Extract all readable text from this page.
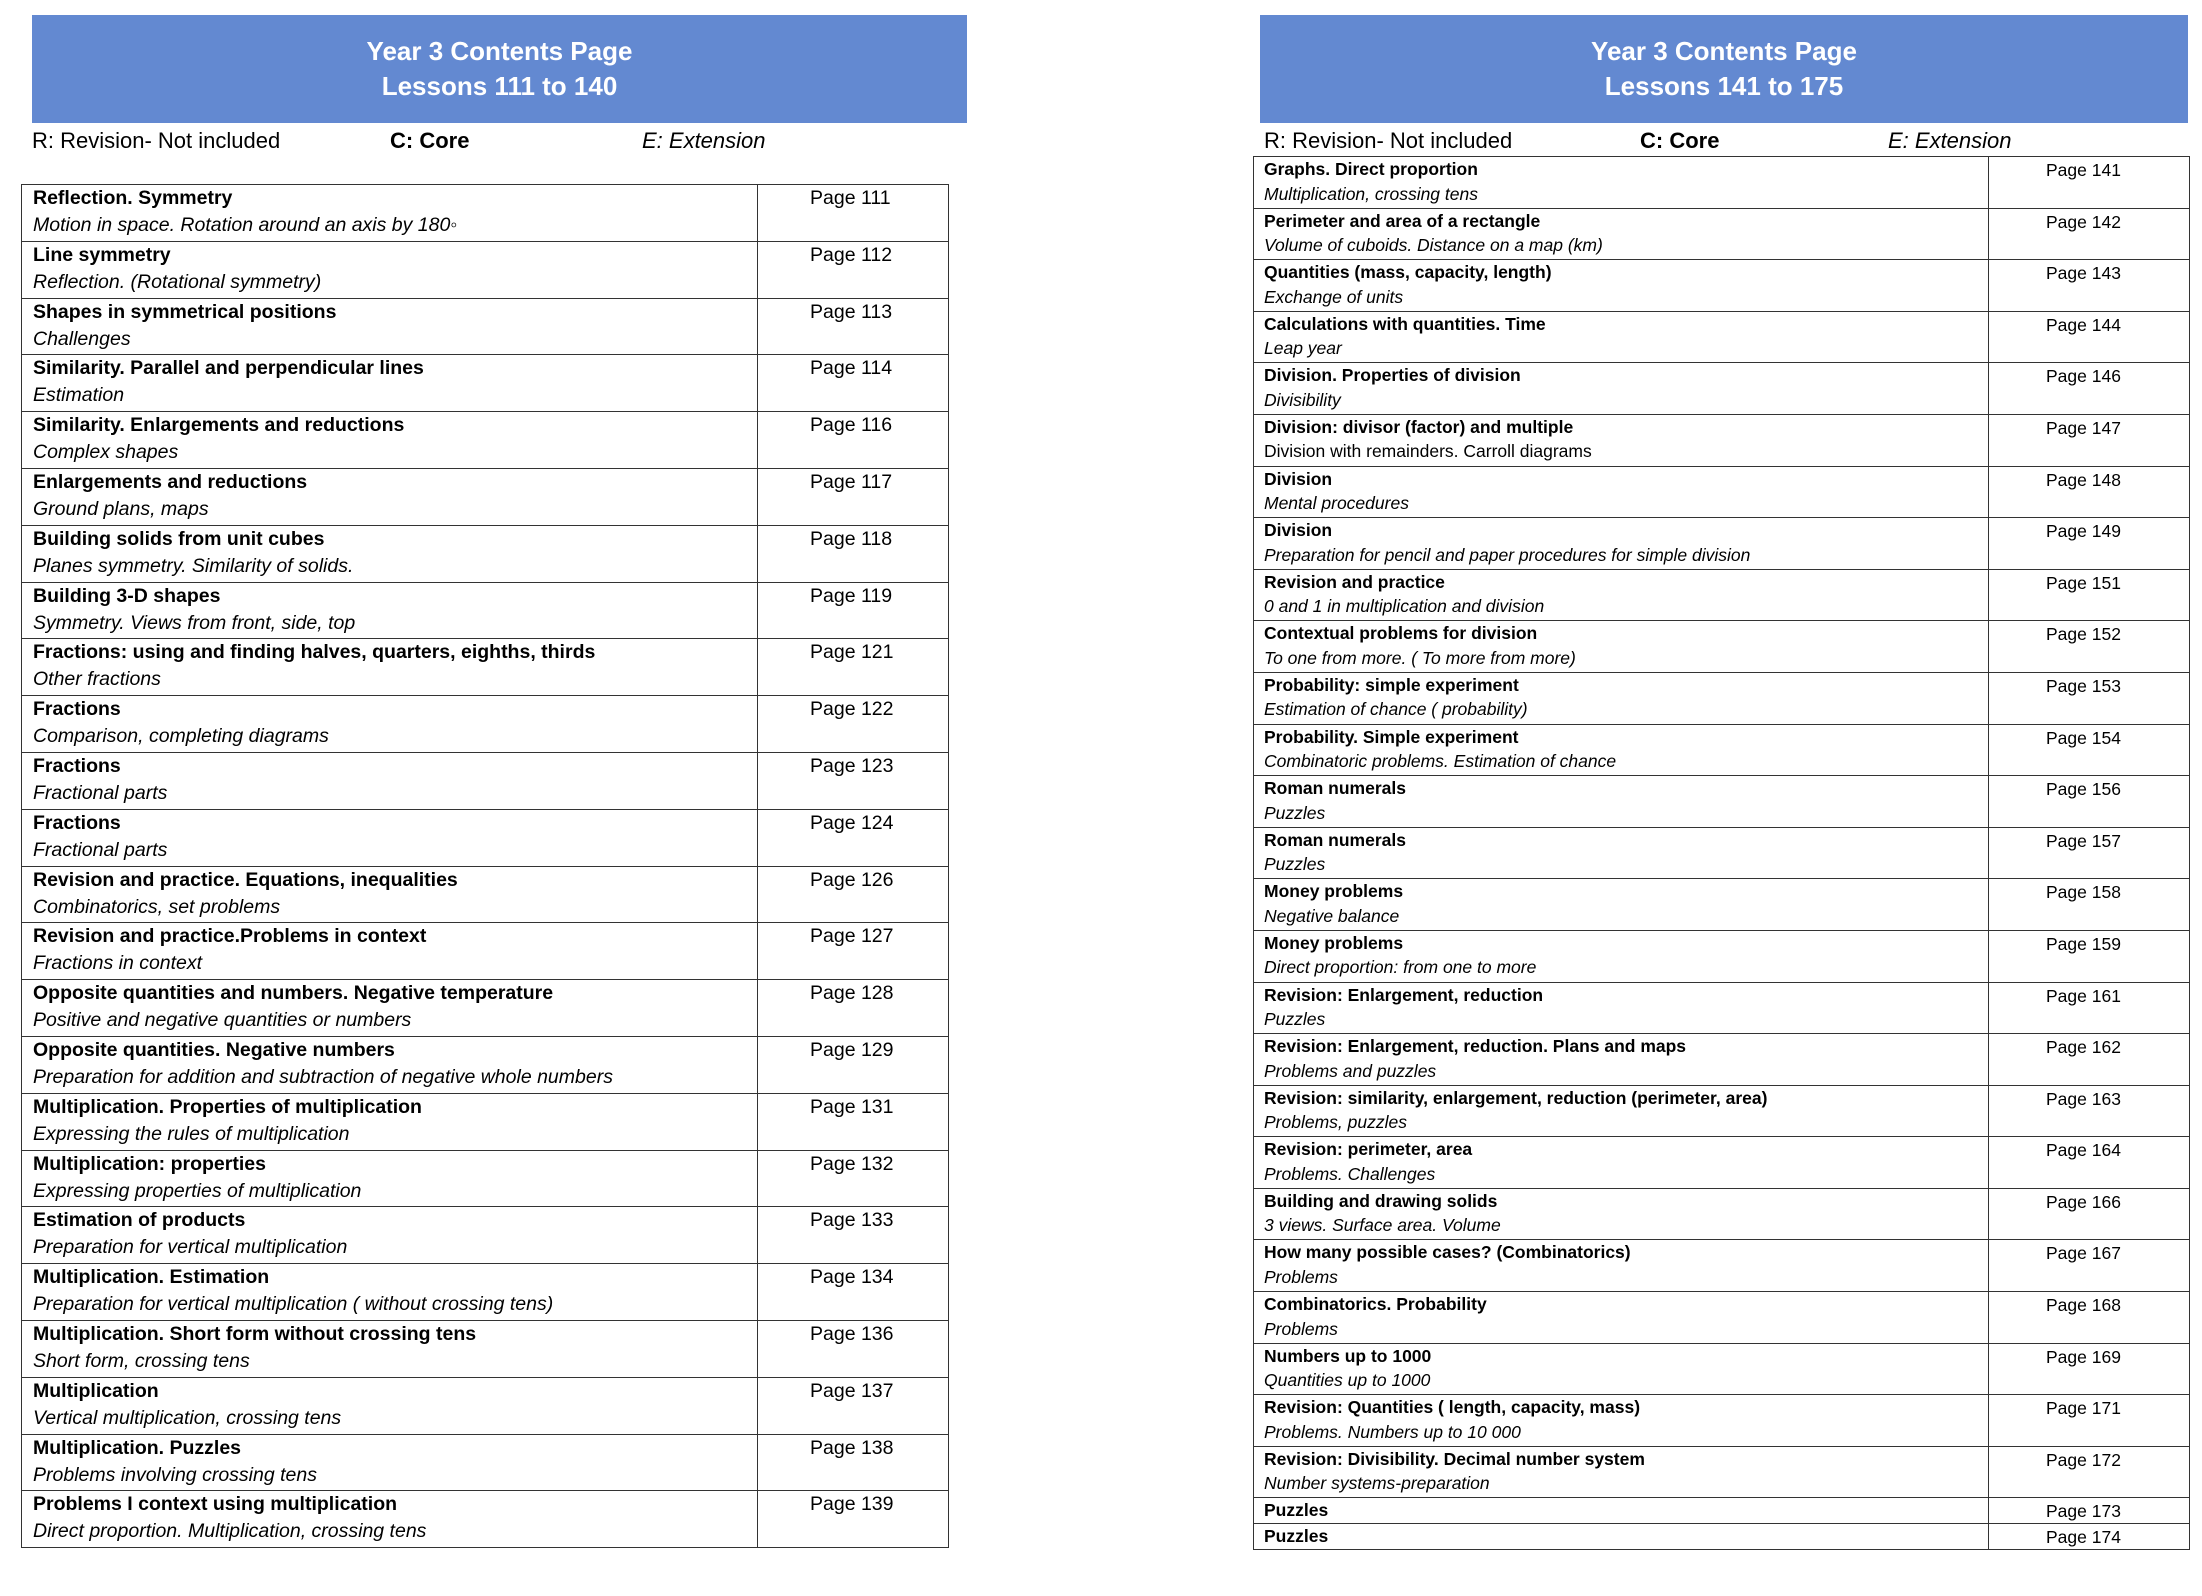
Year 3 Contents Page
Lessons 111 to 140
R: Revision- Not included	C: Core	E: Extension
Reflection. Symmetry
Motion in space. Rotation around an axis by 180◦	Page 111

Line symmetry
Reflection. (Rotational symmetry)	Page 112

Shapes in symmetrical positions
Challenges	Page 113

Similarity. Parallel and perpendicular lines
Estimation	Page 114

Similarity. Enlargements and reductions
Complex shapes	Page 116

Enlargements and reductions
Ground plans, maps	Page 117

Building solids from unit cubes
Planes symmetry. Similarity of solids.	Page 118

Building 3-D shapes
Symmetry. Views from front, side, top	Page 119

Fractions: using and finding halves, quarters, eighths, thirds
Other fractions	Page 121

Fractions
Comparison, completing diagrams	Page 122

Fractions
Fractional parts	Page 123

Fractions
Fractional parts	Page 124

Revision and practice. Equations, inequalities
Combinatorics, set problems	Page 126

Revision and practice.Problems in context
Fractions in context	Page 127

Opposite quantities and numbers. Negative temperature
Positive and negative quantities or numbers	Page 128

Opposite quantities. Negative numbers
Preparation for addition and subtraction of negative whole numbers	Page 129

Multiplication. Properties of multiplication
Expressing the rules of multiplication	Page 131

Multiplication: properties
Expressing properties of multiplication	Page 132

Estimation of products
Preparation for vertical multiplication	Page 133

Multiplication. Estimation
Preparation for vertical multiplication ( without crossing tens)	Page 134

Multiplication. Short form without crossing tens
Short form, crossing tens	Page 136

Multiplication
Vertical multiplication, crossing tens	Page 137

Multiplication. Puzzles
Problems involving crossing tens	Page 138

Problems I context using multiplication
Direct proportion. Multiplication, crossing tens	Page 139
Year 3 Contents Page
Lessons 141 to 175
R: Revision- Not included	C: Core	E: Extension
Graphs. Direct proportion
Multiplication, crossing tens	Page 141

Perimeter and area of a rectangle
Volume of cuboids. Distance on a map (km)	Page 142

Quantities (mass, capacity, length)
Exchange of units	Page 143

Calculations with quantities. Time
Leap year	Page 144

Division. Properties of division
Divisibility	Page 146

Division: divisor (factor) and multiple
Division with remainders. Carroll diagrams	Page 147

Division
Mental procedures	Page 148

Division
Preparation for pencil and paper procedures for simple division	Page 149

Revision and practice
0 and 1 in multiplication and division	Page 151

Contextual problems for division
To one from more. ( To more from more)	Page 152

Probability: simple experiment
Estimation of chance ( probability)	Page 153

Probability. Simple experiment
Combinatoric problems. Estimation of chance	Page 154

Roman numerals
Puzzles	Page 156

Roman numerals
Puzzles	Page 157

Money problems
Negative balance	Page 158

Money problems
Direct proportion: from one to more	Page 159

Revision: Enlargement, reduction
Puzzles	Page 161

Revision: Enlargement, reduction. Plans and maps
Problems and puzzles	Page 162

Revision: similarity, enlargement, reduction (perimeter, area)
Problems, puzzles	Page 163

Revision: perimeter, area
Problems. Challenges	Page 164

Building and drawing solids
3 views. Surface area. Volume	Page 166

How many possible cases? (Combinatorics)
Problems	Page 167

Combinatorics. Probability
Problems	Page 168

Numbers up to 1000
Quantities up to 1000	Page 169

Revision: Quantities ( length, capacity, mass)
Problems. Numbers up to 10 000	Page 171

Revision: Divisibility. Decimal number system
Number systems-preparation	Page 172

Puzzles	Page 173

Puzzles	Page 174
